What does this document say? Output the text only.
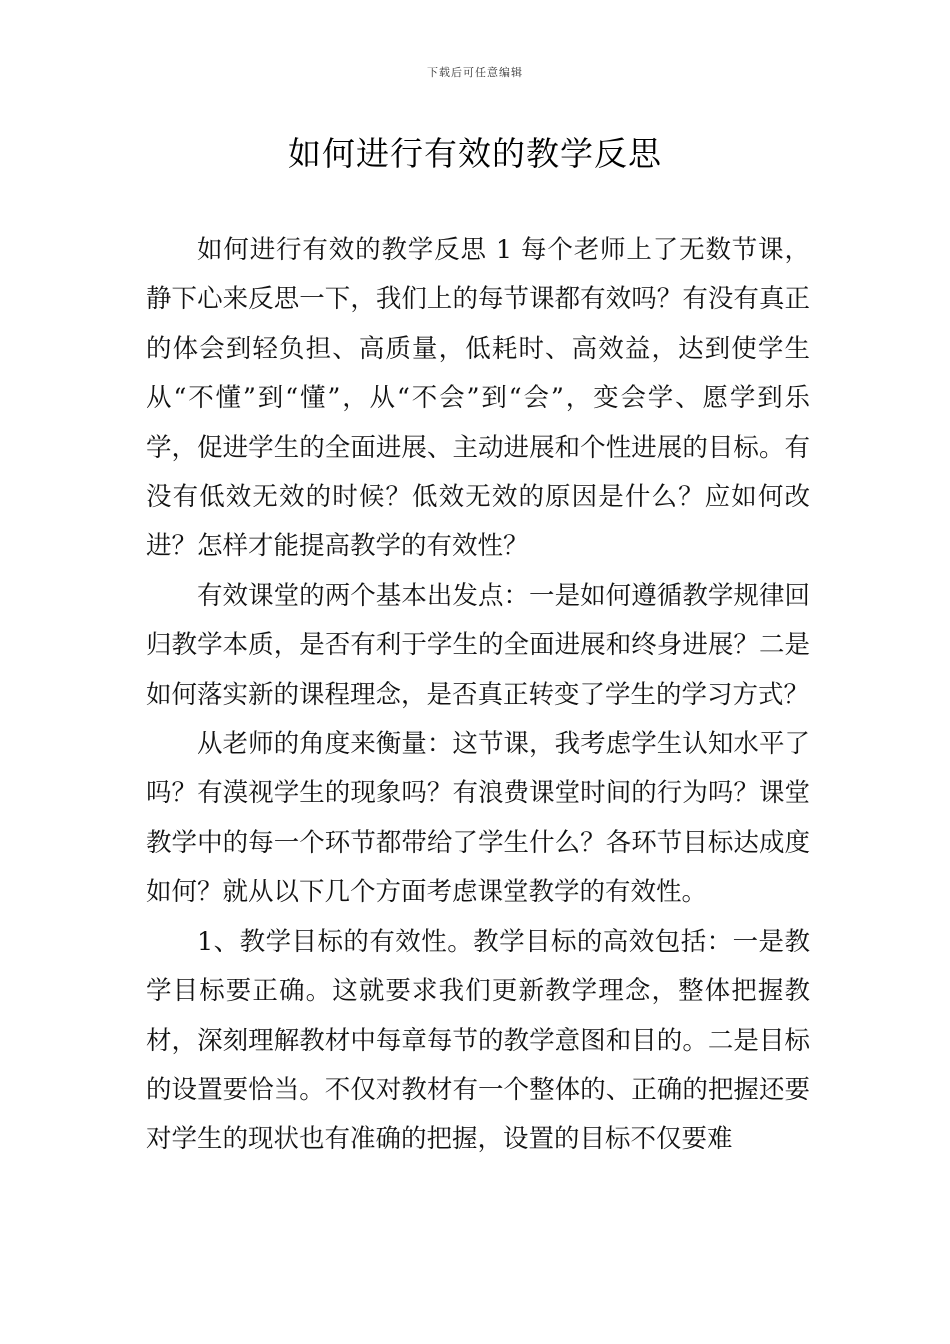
下载后可任意编辑
如何进行有效的教学反思

如何进行有效的教学反思 1 每个老师上了无数节课，静下心来反思一下，我们上的每节课都有效吗？有没有真正的体会到轻负担、高质量，低耗时、高效益，达到使学生从“不懂”到“懂”，从“不会”到“会”，变会学、愿学到乐学，促进学生的全面进展、主动进展和个性进展的目标。有没有低效无效的时候？低效无效的原因是什么？应如何改进？怎样才能提高教学的有效性？

有效课堂的两个基本出发点：一是如何遵循教学规律回归教学本质，是否有利于学生的全面进展和终身进展？二是如何落实新的课程理念，是否真正转变了学生的学习方式？

从老师的角度来衡量：这节课，我考虑学生认知水平了吗？有漠视学生的现象吗？有浪费课堂时间的行为吗？课堂教学中的每一个环节都带给了学生什么？各环节目标达成度如何？就从以下几个方面考虑课堂教学的有效性。

1、教学目标的有效性。教学目标的高效包括：一是教学目标要正确。这就要求我们更新教学理念，整体把握教材，深刻理解教材中每章每节的教学意图和目的。二是目标的设置要恰当。不仅对教材有一个整体的、正确的把握还要对学生的现状也有准确的把握，设置的目标不仅要难
